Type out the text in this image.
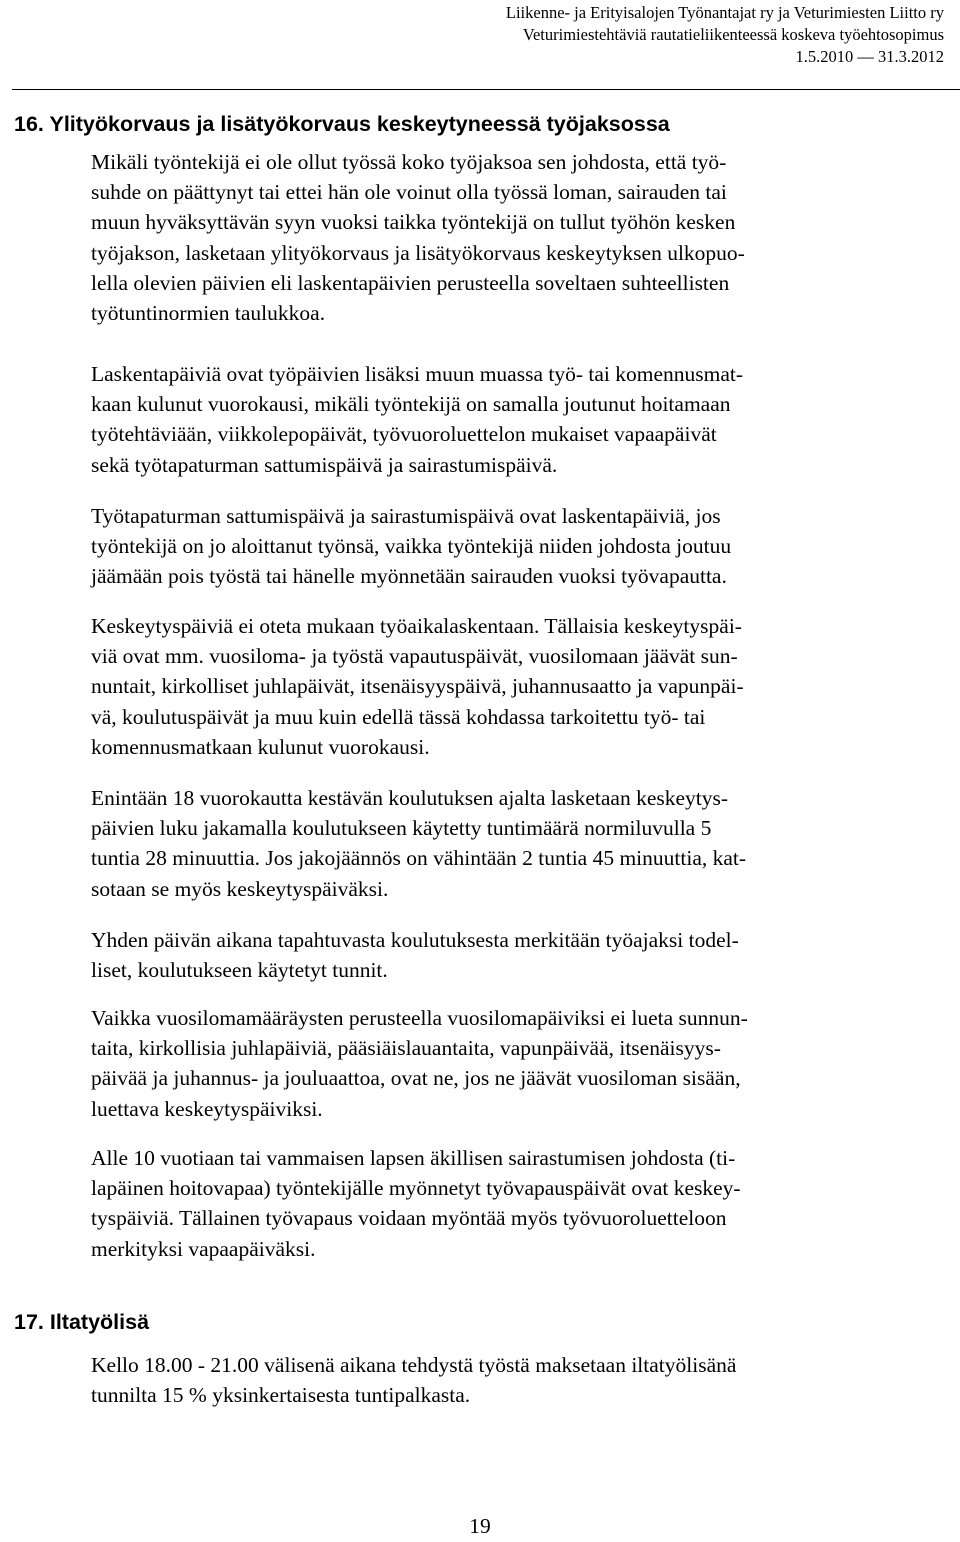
Liikenne- ja Erityisalojen Työnantajat ry ja Veturimiesten Liitto ry
Veturimiestehtäviä rautatieliikenteessä koskeva työehtosopimus
1.5.2010 — 31.3.2012
16. Ylityökorvaus ja lisätyökorvaus keskeytyneessä työjaksossa

Mikäli työntekijä ei ole ollut työssä koko työjaksoa sen johdosta, että työ-
suhde on päättynyt tai ettei hän ole voinut olla työssä loman, sairauden tai
muun hyväksyttävän syyn vuoksi taikka työntekijä on tullut työhön kesken
työjakson, lasketaan ylityökorvaus ja lisätyökorvaus keskeytyksen ulkopuo-
lella olevien päivien eli laskentapäivien perusteella soveltaen suhteellisten
työtuntinormien taulukkoa.

Laskentapäiviä ovat työpäivien lisäksi muun muassa työ- tai komennusmat-
kaan kulunut vuorokausi, mikäli työntekijä on samalla joutunut hoitamaan
työtehtäviään, viikkolepopäivät, työvuoroluettelon mukaiset vapaapäivät
sekä työtapaturman sattumispäivä ja sairastumispäivä.

Työtapaturman sattumispäivä ja sairastumispäivä ovat laskentapäiviä, jos
työntekijä on jo aloittanut työnsä, vaikka työntekijä niiden johdosta joutuu
jäämään pois työstä tai hänelle myönnetään sairauden vuoksi työvapautta.

Keskeytyspäiviä ei oteta mukaan työaikalaskentaan. Tällaisia keskeytyspäi-
viä ovat mm. vuosiloma- ja työstä vapautuspäivät, vuosilomaan jäävät sun-
nuntait, kirkolliset juhlapäivät, itsenäisyyspäivä, juhannusaatto ja vapunpäi-
vä, koulutuspäivät ja muu kuin edellä tässä kohdassa tarkoitettu työ- tai
komennusmatkaan kulunut vuorokausi.

Enintään 18 vuorokautta kestävän koulutuksen ajalta lasketaan keskeytys-
päivien luku jakamalla koulutukseen käytetty tuntimäärä normiluvulla 5
tuntia 28 minuuttia. Jos jakojäännös on vähintään 2 tuntia 45 minuuttia, kat-
sotaan se myös keskeytyspäiväksi.

Yhden päivän aikana tapahtuvasta koulutuksesta merkitään työajaksi todel-
liset, koulutukseen käytetyt tunnit.

Vaikka vuosilomamääräysten perusteella vuosilomapäiviksi ei lueta sunnun-
taita, kirkollisia juhlapäiviä, pääsiäislauantaita, vapunpäivää, itsenäisyys-
päivää ja juhannus- ja jouluaattoa, ovat ne, jos ne jäävät vuosiloman sisään,
luettava keskeytyspäiviksi.

Alle 10 vuotiaan tai vammaisen lapsen äkillisen sairastumisen johdosta (ti-
lapäinen hoitovapaa) työntekijälle myönnetyt työvapauspäivät ovat keskey-
tyspäiviä. Tällainen työvapaus voidaan myöntää myös työvuoroluetteloon
merkityksi vapaapäiväksi.

17. Iltatyölisä

Kello 18.00 - 21.00 välisenä aikana tehdystä työstä maksetaan iltatyölisänä
tunnilta 15 % yksinkertaisesta tuntipalkasta.

19
